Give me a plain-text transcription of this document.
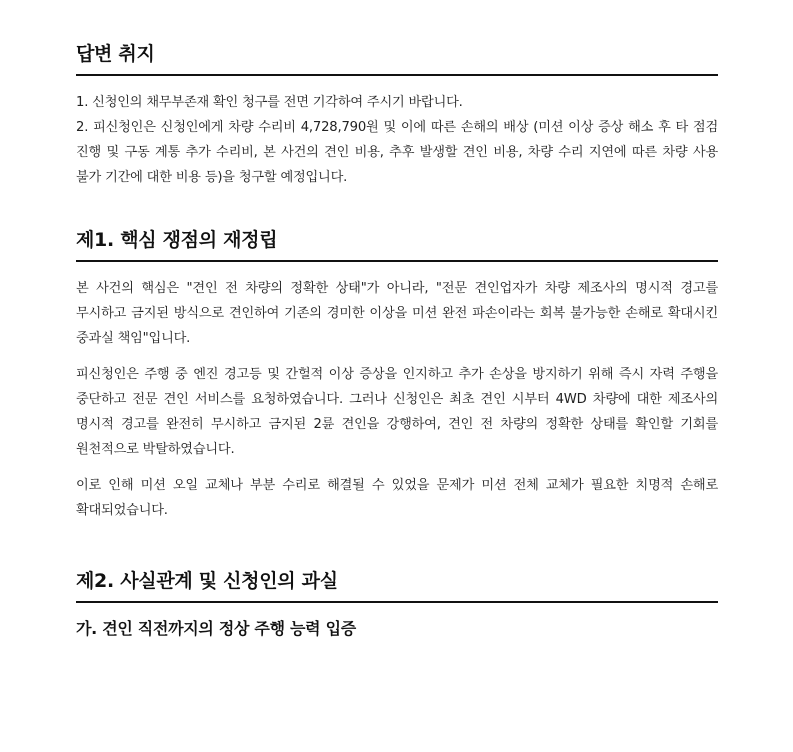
답변 취지

1. 신청인의 채무부존재 확인 청구를 전면 기각하여 주시기 바랍니다.

2. 피신청인은 신청인에게 차량 수리비 4,728,790원 및 이에 따른 손해의 배상 (미션 이상 증상 해소 후 타 점검 진행 및 구동 계통 추가 수리비, 본 사건의 견인 비용, 추후 발생할 견인 비용, 차량 수리 지연에 따른 차량 사용 불가 기간에 대한 비용 등)을 청구할 예정입니다.

제1. 핵심 쟁점의 재정립

본 사건의 핵심은 "견인 전 차량의 정확한 상태"가 아니라, "전문 견인업자가 차량 제조사의 명시적 경고를 무시하고 금지된 방식으로 견인하여 기존의 경미한 이상을 미션 완전 파손이라는 회복 불가능한 손해로 확대시킨 중과실 책임"입니다.

피신청인은 주행 중 엔진 경고등 및 간헐적 이상 증상을 인지하고 추가 손상을 방지하기 위해 즉시 자력 주행을 중단하고 전문 견인 서비스를 요청하였습니다. 그러나 신청인은 최초 견인 시부터 4WD 차량에 대한 제조사의 명시적 경고를 완전히 무시하고 금지된 2륜 견인을 강행하여, 견인 전 차량의 정확한 상태를 확인할 기회를 원천적으로 박탈하였습니다.

이로 인해 미션 오일 교체나 부분 수리로 해결될 수 있었을 문제가 미션 전체 교체가 필요한 치명적 손해로 확대되었습니다.

제2. 사실관계 및 신청인의 과실
가. 견인 직전까지의 정상 주행 능력 입증
